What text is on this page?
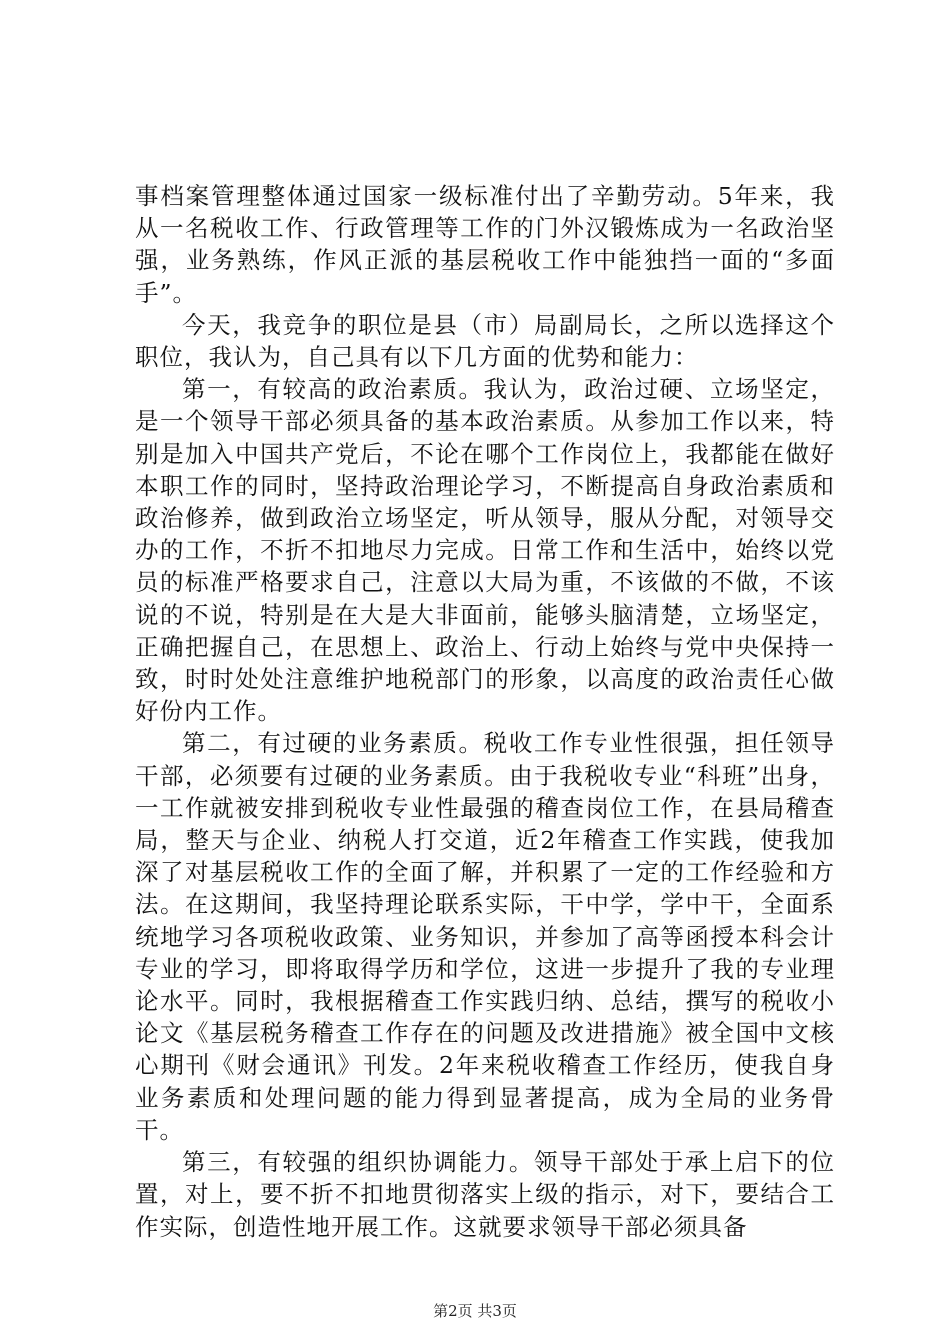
事档案管理整体通过国家一级标准付出了辛勤劳动。5年来，我从一名税收工作、行政管理等工作的门外汉锻炼成为一名政治坚强，业务熟练，作风正派的基层税收工作中能独挡一面的“多面手”。

今天，我竞争的职位是县（市）局副局长，之所以选择这个职位，我认为，自己具有以下几方面的优势和能力：

第一，有较高的政治素质。我认为，政治过硬、立场坚定，是一个领导干部必须具备的基本政治素质。从参加工作以来，特别是加入中国共产党后，不论在哪个工作岗位上，我都能在做好本职工作的同时，坚持政治理论学习，不断提高自身政治素质和政治修养，做到政治立场坚定，听从领导，服从分配，对领导交办的工作，不折不扣地尽力完成。日常工作和生活中，始终以党员的标准严格要求自己，注意以大局为重，不该做的不做，不该说的不说，特别是在大是大非面前，能够头脑清楚，立场坚定，正确把握自己，在思想上、政治上、行动上始终与党中央保持一致，时时处处注意维护地税部门的形象，以高度的政治责任心做好份内工作。

第二，有过硬的业务素质。税收工作专业性很强，担任领导干部，必须要有过硬的业务素质。由于我税收专业“科班”出身，一工作就被安排到税收专业性最强的稽查岗位工作，在县局稽查局，整天与企业、纳税人打交道，近2年稽查工作实践，使我加深了对基层税收工作的全面了解，并积累了一定的工作经验和方法。在这期间，我坚持理论联系实际，干中学，学中干，全面系统地学习各项税收政策、业务知识，并参加了高等函授本科会计专业的学习，即将取得学历和学位，这进一步提升了我的专业理论水平。同时，我根据稽查工作实践归纳、总结，撰写的税收小论文《基层税务稽查工作存在的问题及改进措施》被全国中文核心期刊《财会通讯》刊发。2年来税收稽查工作经历，使我自身业务素质和处理问题的能力得到显著提高，成为全局的业务骨干。

第三，有较强的组织协调能力。领导干部处于承上启下的位置，对上，要不折不扣地贯彻落实上级的指示，对下，要结合工作实际，创造性地开展工作。这就要求领导干部必须具备

第2页 共3页
